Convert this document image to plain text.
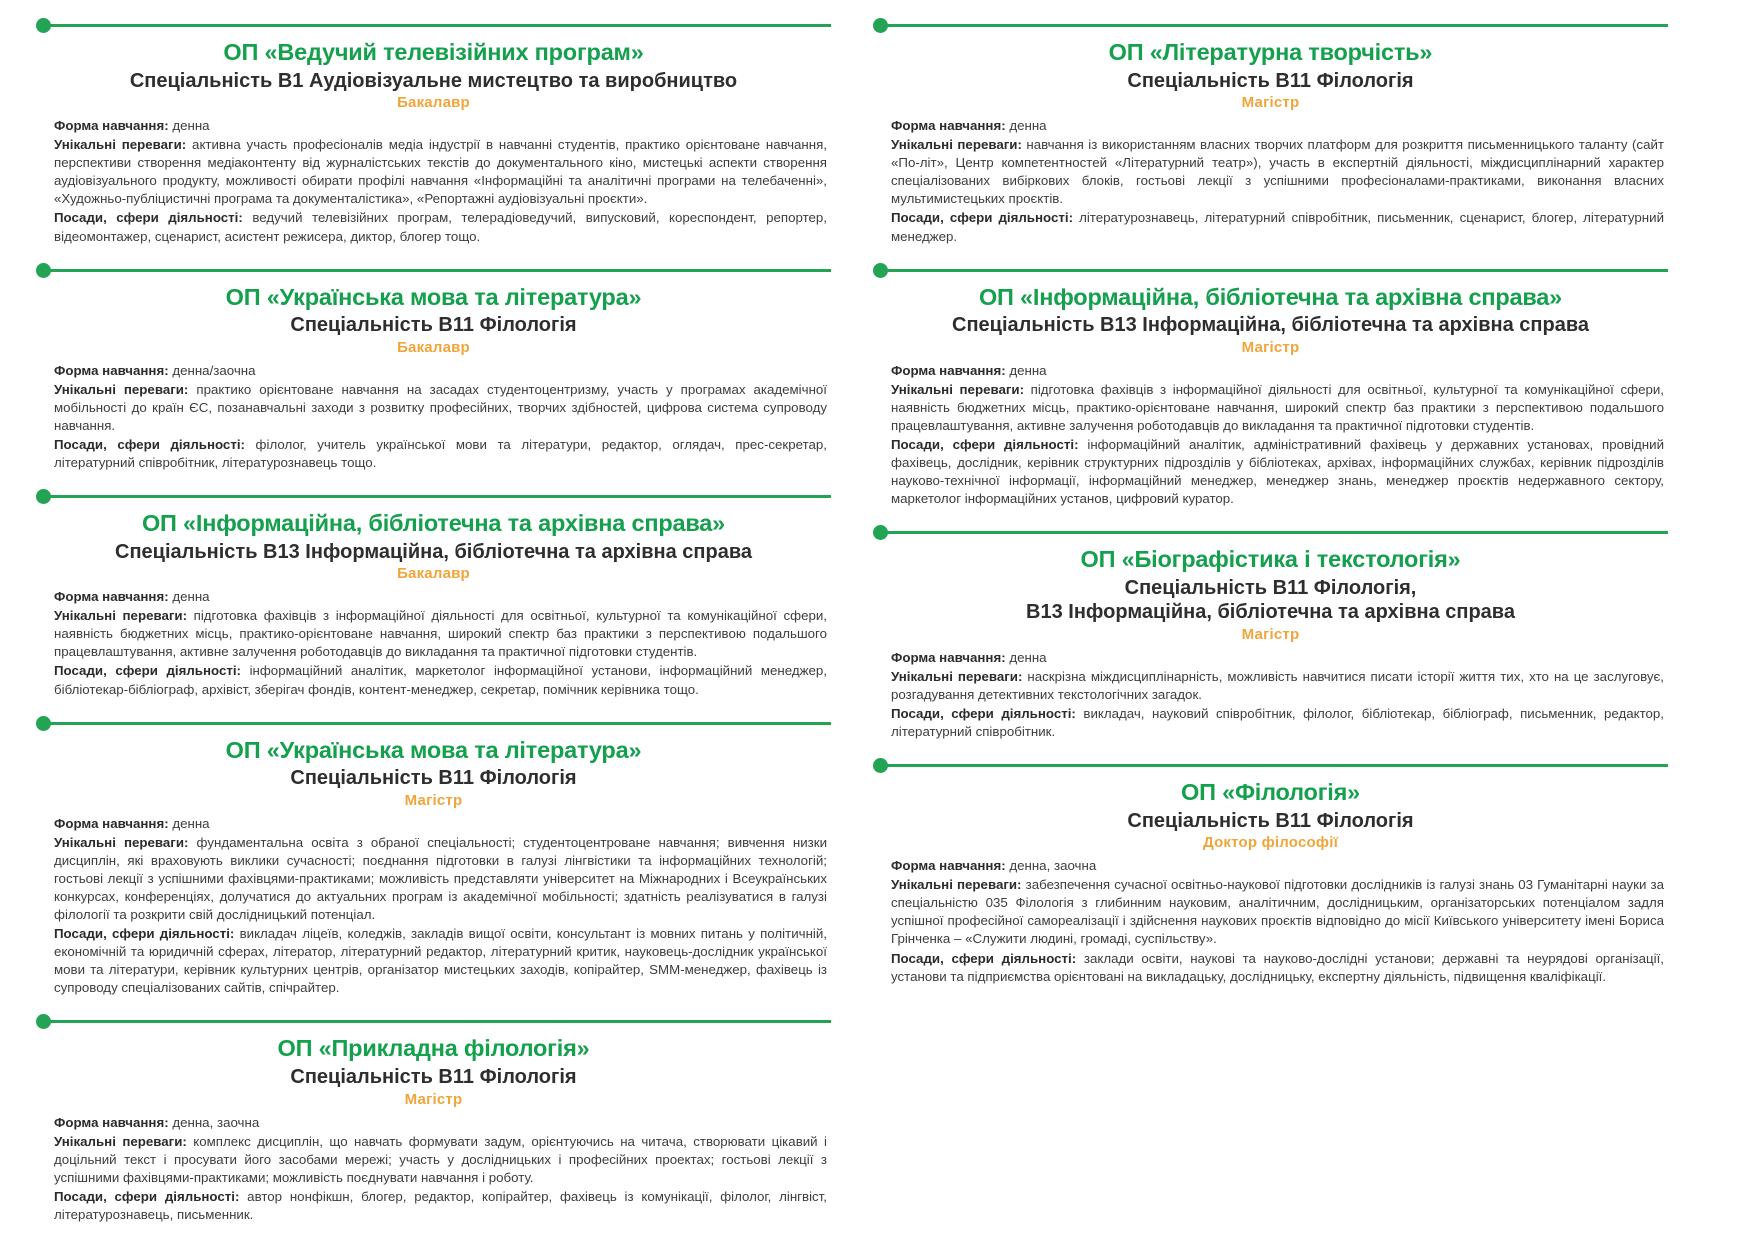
ОП «Ведучий телевізійних програм»
Спеціальність В1 Аудіовізуальне мистецтво та виробництво
Бакалавр

Форма навчання: денна

Унікальні переваги: активна участь професіоналів медіа індустрії в навчанні студентів, практико орієнтоване навчання, перспективи створення медіаконтенту від журналістських текстів до документального кіно, мистецькі аспекти створення аудіовізуального продукту, можливості обирати профілі навчання «Інформаційні та аналітичні програми на телебаченні», «Художньо-публіцистичні програма та документалістика», «Репортажні аудіовізуальні проєкти».

Посади, сфери діяльності: ведучий телевізійних програм, телерадіоведучий, випусковий, кореспондент, репортер, відеомонтажер, сценарист, асистент режисера, диктор, блогер тощо.

ОП «Українська мова та література»
Спеціальність В11 Філологія
Бакалавр

Форма навчання: денна/заочна

Унікальні переваги: практико орієнтоване навчання на засадах студентоцентризму, участь у програмах академічної мобільності до країн ЄС, позанавчальні заходи з розвитку професійних, творчих здібностей, цифрова система супроводу навчання.

Посади, сфери діяльності: філолог, учитель української мови та літератури, редактор, оглядач, прес-секретар, літературний співробітник, літературознавець тощо.

ОП «Інформаційна, бібліотечна та архівна справа»
Спеціальність В13 Інформаційна, бібліотечна та архівна справа
Бакалавр

Форма навчання: денна

Унікальні переваги: підготовка фахівців з інформаційної діяльності для освітньої, культурної та комунікаційної сфери, наявність бюджетних місць, практико-орієнтоване навчання, широкий спектр баз практики з перспективою подальшого працевлаштування, активне залучення роботодавців до викладання та практичної підготовки студентів.

Посади, сфери діяльності: інформаційний аналітик, маркетолог інформаційної установи, інформаційний менеджер, бібліотекар-бібліограф, архівіст, зберігач фондів, контент-менеджер, секретар, помічник керівника тощо.

ОП «Українська мова та література»
Спеціальність В11 Філологія
Магістр

Форма навчання: денна

Унікальні переваги: фундаментальна освіта з обраної спеціальності; студентоцентроване навчання; вивчення низки дисциплін, які враховують виклики сучасності; поєднання підготовки в галузі лінгвістики та інформаційних технологій; гостьові лекції з успішними фахівцями-практиками; можливість представляти університет на Міжнародних і Всеукраїнських конкурсах, конференціях, долучатися до актуальних програм із академічної мобільності; здатність реалізуватися в галузі філології та розкрити свій дослідницький потенціал.

Посади, сфери діяльності: викладач ліцеїв, коледжів, закладів вищої освіти, консультант із мовних питань у політичній, економічній та юридичній сферах, літератор, літературний редактор, літературний критик, науковець-дослідник української мови та літератури, керівник культурних центрів, організатор мистецьких заходів, копірайтер, SMM-менеджер, фахівець із супроводу спеціалізованих сайтів, спічрайтер.

ОП «Прикладна філологія»
Спеціальність В11 Філологія
Магістр

Форма навчання: денна, заочна

Унікальні переваги: комплекс дисциплін, що навчать формувати задум, орієнтуючись на читача, створювати цікавий і доцільний текст і просувати його засобами мережі; участь у дослідницьких і професійних проектах; гостьові лекції з успішними фахівцями-практиками; можливість поєднувати навчання і роботу.

Посади, сфери діяльності: автор нонфікшн, блогер, редактор, копірайтер, фахівець із комунікації, філолог, лінгвіст, літературознавець, письменник.

ОП «Літературна творчість»
Спеціальність В11 Філологія
Магістр

Форма навчання: денна

Унікальні переваги: навчання із використанням власних творчих платформ для розкриття письменницького таланту (сайт «По-літ», Центр компетентностей «Літературний театр»), участь в експертній діяльності, міждисциплінарний характер спеціалізованих вибіркових блоків, гостьові лекції з успішними професіоналами-практиками, виконання власних мультимистецьких проєктів.

Посади, сфери діяльності: літературознавець, літературний співробітник, письменник, сценарист, блогер, літературний менеджер.

ОП «Інформаційна, бібліотечна та архівна справа»
Спеціальність В13 Інформаційна, бібліотечна та архівна справа
Магістр

Форма навчання: денна

Унікальні переваги: підготовка фахівців з інформаційної діяльності для освітньої, культурної та комунікаційної сфери, наявність бюджетних місць, практико-орієнтоване навчання, широкий спектр баз практики з перспективою подальшого працевлаштування, активне залучення роботодавців до викладання та практичної підготовки студентів.

Посади, сфери діяльності: інформаційний аналітик, адміністративний фахівець у державних установах, провідний фахівець, дослідник, керівник структурних підрозділів у бібліотеках, архівах, інформаційних службах, керівник підрозділів науково-технічної інформації, інформаційний менеджер, менеджер знань, менеджер проєктів недержавного сектору, маркетолог інформаційних установ, цифровий куратор.

ОП «Біографістика і текстологія»
Спеціальність В11 Філологія,
В13 Інформаційна, бібліотечна та архівна справа
Магістр

Форма навчання: денна

Унікальні переваги: наскрізна міждисциплінарність, можливість навчитися писати історії життя тих, хто на це заслуговує, розгадування детективних текстологічних загадок.

Посади, сфери діяльності: викладач, науковий співробітник, філолог, бібліотекар, бібліограф, письменник, редактор, літературний співробітник.

ОП «Філологія»
Спеціальність В11 Філологія
Доктор філософії

Форма навчання: денна, заочна

Унікальні переваги: забезпечення сучасної освітньо-наукової підготовки дослідників із галузі знань 03 Гуманітарні науки за спеціальністю 035 Філологія з глибинним науковим, аналітичним, дослідницьким, організаторських потенціалом задля успішної професійної самореалізації і здійснення наукових проєктів відповідно до місії Київського університету імені Бориса Грінченка – «Служити людині, громаді, суспільству».

Посади, сфери діяльності: заклади освіти, наукові та науково-дослідні установи; державні та неурядові організації, установи та підприємства орієнтовані на викладацьку, дослідницьку, експертну діяльність, підвищення кваліфікації.
